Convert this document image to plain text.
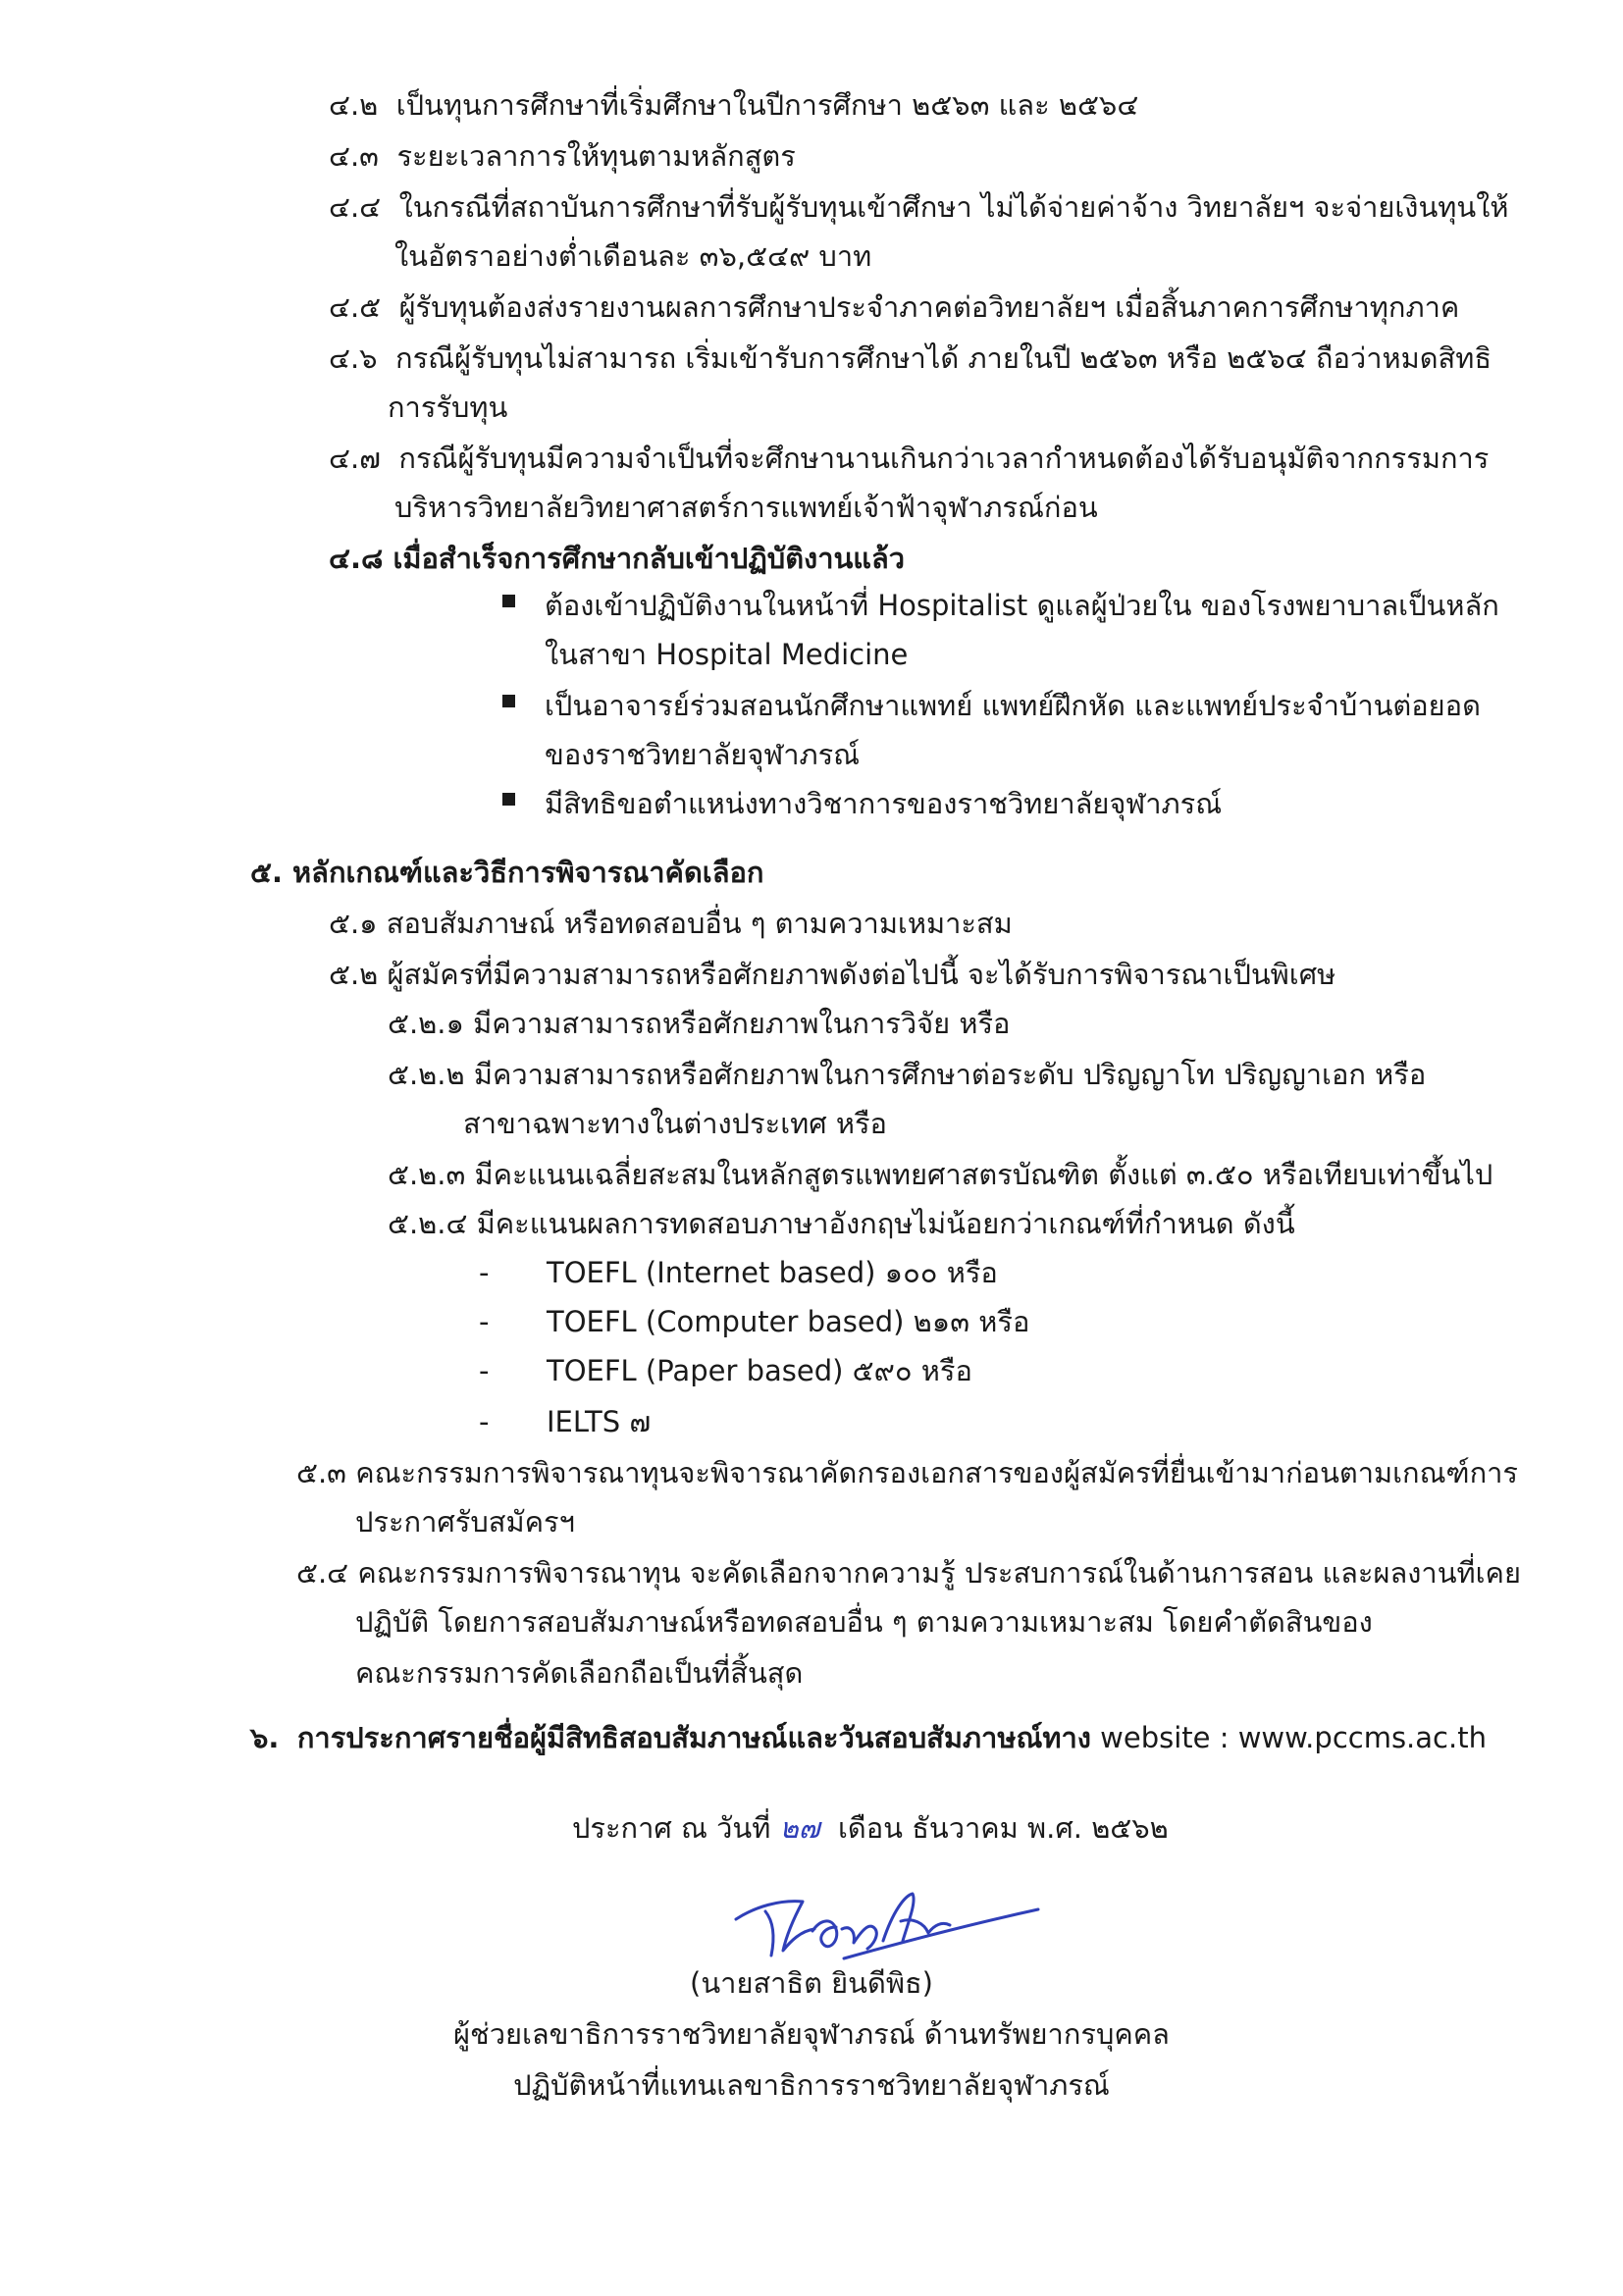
๔.๒ เป็นทุนการศึกษาที่เริ่มศึกษาในปีการศึกษา ๒๕๖๓ และ ๒๕๖๔
๔.๓ ระยะเวลาการให้ทุนตามหลักสูตร
๔.๔ ในกรณีที่สถาบันการศึกษาที่รับผู้รับทุนเข้าศึกษา ไม่ได้จ่ายค่าจ้าง วิทยาลัยฯ จะจ่ายเงินทุนให้
ในอัตราอย่างต่ำเดือนละ ๓๖,๕๔๙ บาท
๔.๕ ผู้รับทุนต้องส่งรายงานผลการศึกษาประจำภาคต่อวิทยาลัยฯ เมื่อสิ้นภาคการศึกษาทุกภาค
๔.๖ กรณีผู้รับทุนไม่สามารถ เริ่มเข้ารับการศึกษาได้ ภายในปี ๒๕๖๓ หรือ ๒๕๖๔ ถือว่าหมดสิทธิ
การรับทุน
๔.๗ กรณีผู้รับทุนมีความจำเป็นที่จะศึกษานานเกินกว่าเวลากำหนดต้องได้รับอนุมัติจากกรรมการ
บริหารวิทยาลัยวิทยาศาสตร์การแพทย์เจ้าฟ้าจุฬาภรณ์ก่อน
๔.๘ เมื่อสำเร็จการศึกษากลับเข้าปฏิบัติงานแล้ว
ต้องเข้าปฏิบัติงานในหน้าที่ Hospitalist ดูแลผู้ป่วยใน ของโรงพยาบาลเป็นหลัก
ในสาขา Hospital Medicine
เป็นอาจารย์ร่วมสอนนักศึกษาแพทย์ แพทย์ฝึกหัด และแพทย์ประจำบ้านต่อยอด
ของราชวิทยาลัยจุฬาภรณ์
มีสิทธิขอตำแหน่งทางวิชาการของราชวิทยาลัยจุฬาภรณ์
๕. หลักเกณฑ์และวิธีการพิจารณาคัดเลือก
๕.๑ สอบสัมภาษณ์ หรือทดสอบอื่น ๆ ตามความเหมาะสม
๕.๒ ผู้สมัครที่มีความสามารถหรือศักยภาพดังต่อไปนี้ จะได้รับการพิจารณาเป็นพิเศษ
๕.๒.๑ มีความสามารถหรือศักยภาพในการวิจัย หรือ
๕.๒.๒ มีความสามารถหรือศักยภาพในการศึกษาต่อระดับ ปริญญาโท ปริญญาเอก หรือ
สาขาฉพาะทางในต่างประเทศ หรือ
๕.๒.๓ มีคะแนนเฉลี่ยสะสมในหลักสูตรแพทยศาสตรบัณฑิต ตั้งแต่ ๓.๕๐ หรือเทียบเท่าขึ้นไป
๕.๒.๔ มีคะแนนผลการทดสอบภาษาอังกฤษไม่น้อยกว่าเกณฑ์ที่กำหนด ดังนี้
- TOEFL (Internet based) ๑๐๐ หรือ
- TOEFL (Computer based) ๒๑๓ หรือ
- TOEFL (Paper based) ๕๙๐ หรือ
- IELTS ๗
๕.๓ คณะกรรมการพิจารณาทุนจะพิจารณาคัดกรองเอกสารของผู้สมัครที่ยื่นเข้ามาก่อนตามเกณฑ์การ
ประกาศรับสมัครฯ
๕.๔ คณะกรรมการพิจารณาทุน จะคัดเลือกจากความรู้ ประสบการณ์ในด้านการสอน และผลงานที่เคย
ปฏิบัติ โดยการสอบสัมภาษณ์หรือทดสอบอื่น ๆ ตามความเหมาะสม โดยคำตัดสินของ
คณะกรรมการคัดเลือกถือเป็นที่สิ้นสุด
๖. การประกาศรายชื่อผู้มีสิทธิสอบสัมภาษณ์และวันสอบสัมภาษณ์ทาง website : www.pccms.ac.th
ประกาศ ณ วันที่ ๒๗ เดือน ธันวาคม พ.ศ. ๒๕๖๒
(นายสาธิต ยินดีพิธ)
ผู้ช่วยเลขาธิการราชวิทยาลัยจุฬาภรณ์ ด้านทรัพยากรบุคคล
ปฏิบัติหน้าที่แทนเลขาธิการราชวิทยาลัยจุฬาภรณ์
